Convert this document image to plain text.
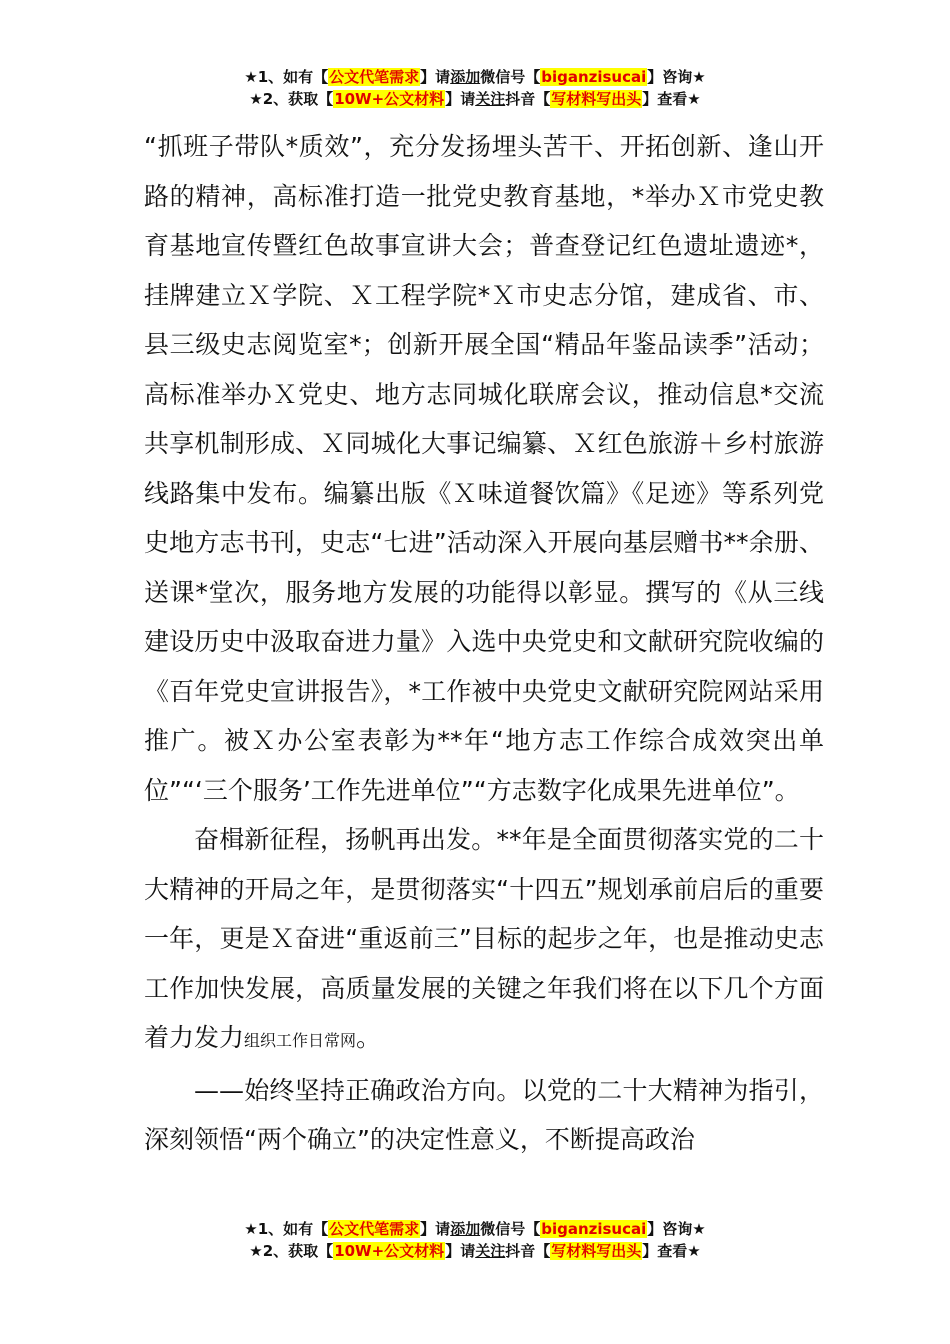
★1、如有【公文代笔需求】请添加微信号【biganzisucai】咨询★
★2、获取【10W+公文材料】请关注抖音【写材料写出头】查看★

“抓班子带队*质效”，充分发扬埋头苦干、开拓创新、逢山开路的精神，高标准打造一批党史教育基地，*举办Ｘ市党史教育基地宣传暨红色故事宣讲大会；普查登记红色遗址遗迹*，挂牌建立Ｘ学院、Ｘ工程学院*Ｘ市史志分馆，建成省、市、县三级史志阅览室*；创新开展全国“精品年鉴品读季”活动；高标准举办Ｘ党史、地方志同城化联席会议，推动信息*交流共享机制形成、Ｘ同城化大事记编纂、Ｘ红色旅游＋乡村旅游线路集中发布。编纂出版《Ｘ味道餐饮篇》《足迹》等系列党史地方志书刊，史志“七进”活动深入开展向基层赠书**余册、送课*堂次，服务地方发展的功能得以彰显。撰写的《从三线建设历史中汲取奋进力量》入选中央党史和文献研究院收编的《百年党史宣讲报告》，*工作被中央党史文献研究院网站采用推广。被Ｘ办公室表彰为**年“地方志工作综合成效突出单位”“‘三个服务’工作先进单位”“方志数字化成果先进单位”。

奋楫新征程，扬帆再出发。**年是全面贯彻落实党的二十大精神的开局之年，是贯彻落实“十四五”规划承前启后的重要一年，更是Ｘ奋进“重返前三”目标的起步之年，也是推动史志工作加快发展，高质量发展的关键之年我们将在以下几个方面着力发力组织工作日常网。

——始终坚持正确政治方向。以党的二十大精神为指引，深刻领悟“两个确立”的决定性意义，不断提高政治

★1、如有【公文代笔需求】请添加微信号【biganzisucai】咨询★
★2、获取【10W+公文材料】请关注抖音【写材料写出头】查看★
